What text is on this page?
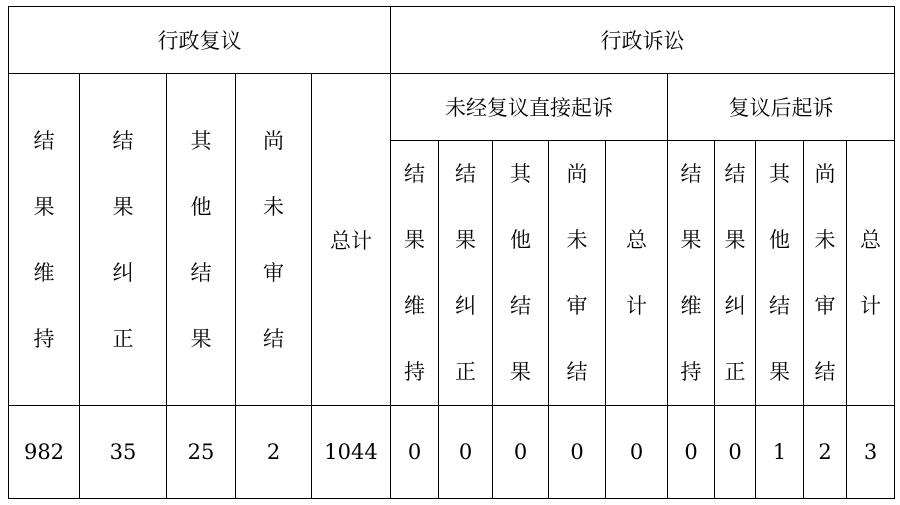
行政复议					行政诉讼									
结果维持	结果纠正	其他结果	尚未审结	总计	未经复议直接起诉					复议后起诉				
					结果维持	结果纠正	其他结果	尚未审结	总计	结果维持	结果纠正	其他结果	尚未审结	总计
982	35	25	2	1044	0	0	0	0	0	0	0	1	2	3
